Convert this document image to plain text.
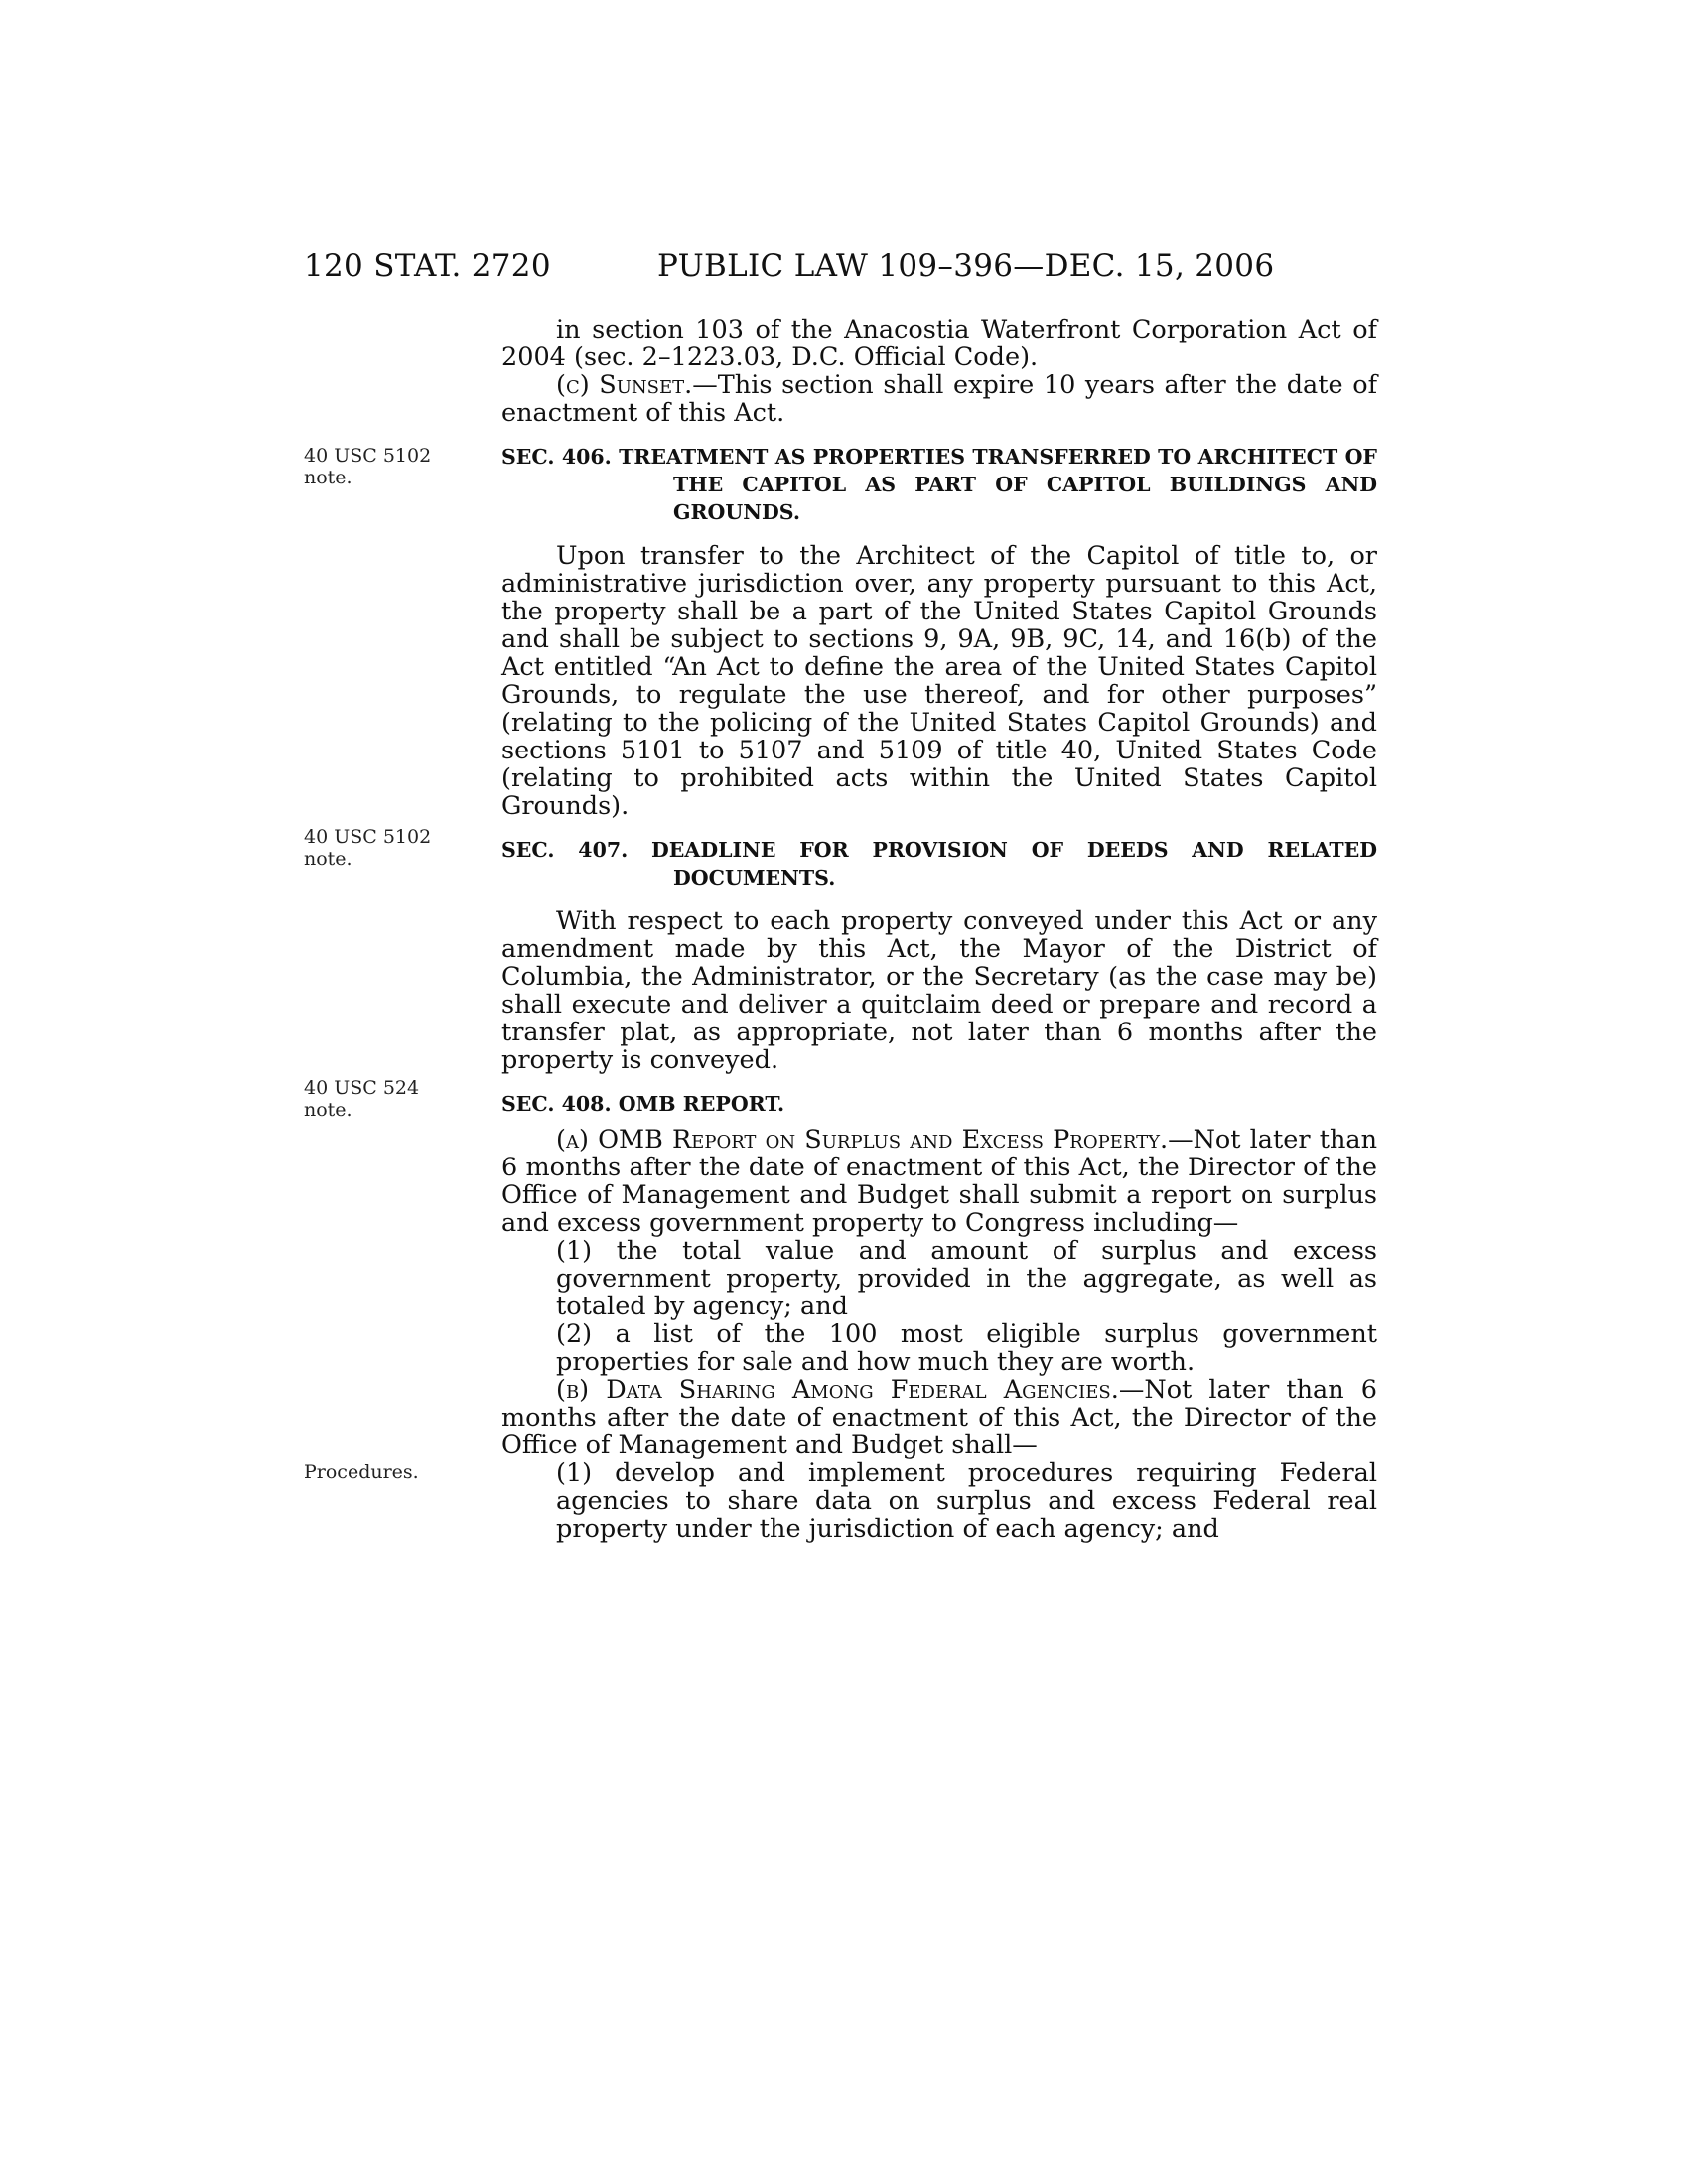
120 STAT. 2720	PUBLIC LAW 109–396—DEC. 15, 2006
40 USC 5102 note.
40 USC 5102 note.
40 USC 524 note.
Procedures.

in section 103 of the Anacostia Waterfront Corporation Act of 2004 (sec. 2–1223.03, D.C. Official Code).

(c) Sunset.—This section shall expire 10 years after the date of enactment of this Act.

SEC. 406. TREATMENT AS PROPERTIES TRANSFERRED TO ARCHITECT OF THE CAPITOL AS PART OF CAPITOL BUILDINGS AND GROUNDS.

Upon transfer to the Architect of the Capitol of title to, or administrative jurisdiction over, any property pursuant to this Act, the property shall be a part of the United States Capitol Grounds and shall be subject to sections 9, 9A, 9B, 9C, 14, and 16(b) of the Act entitled “An Act to define the area of the United States Capitol Grounds, to regulate the use thereof, and for other purposes” (relating to the policing of the United States Capitol Grounds) and sections 5101 to 5107 and 5109 of title 40, United States Code (relating to prohibited acts within the United States Capitol Grounds).

SEC. 407. DEADLINE FOR PROVISION OF DEEDS AND RELATED DOCUMENTS.

With respect to each property conveyed under this Act or any amendment made by this Act, the Mayor of the District of Columbia, the Administrator, or the Secretary (as the case may be) shall execute and deliver a quitclaim deed or prepare and record a transfer plat, as appropriate, not later than 6 months after the property is conveyed.

SEC. 408. OMB REPORT.

(a) OMB Report on Surplus and Excess Property.—Not later than 6 months after the date of enactment of this Act, the Director of the Office of Management and Budget shall submit a report on surplus and excess government property to Congress including—

(1) the total value and amount of surplus and excess government property, provided in the aggregate, as well as totaled by agency; and

(2) a list of the 100 most eligible surplus government properties for sale and how much they are worth.

(b) Data Sharing Among Federal Agencies.—Not later than 6 months after the date of enactment of this Act, the Director of the Office of Management and Budget shall—

(1) develop and implement procedures requiring Federal agencies to share data on surplus and excess Federal real property under the jurisdiction of each agency; and
